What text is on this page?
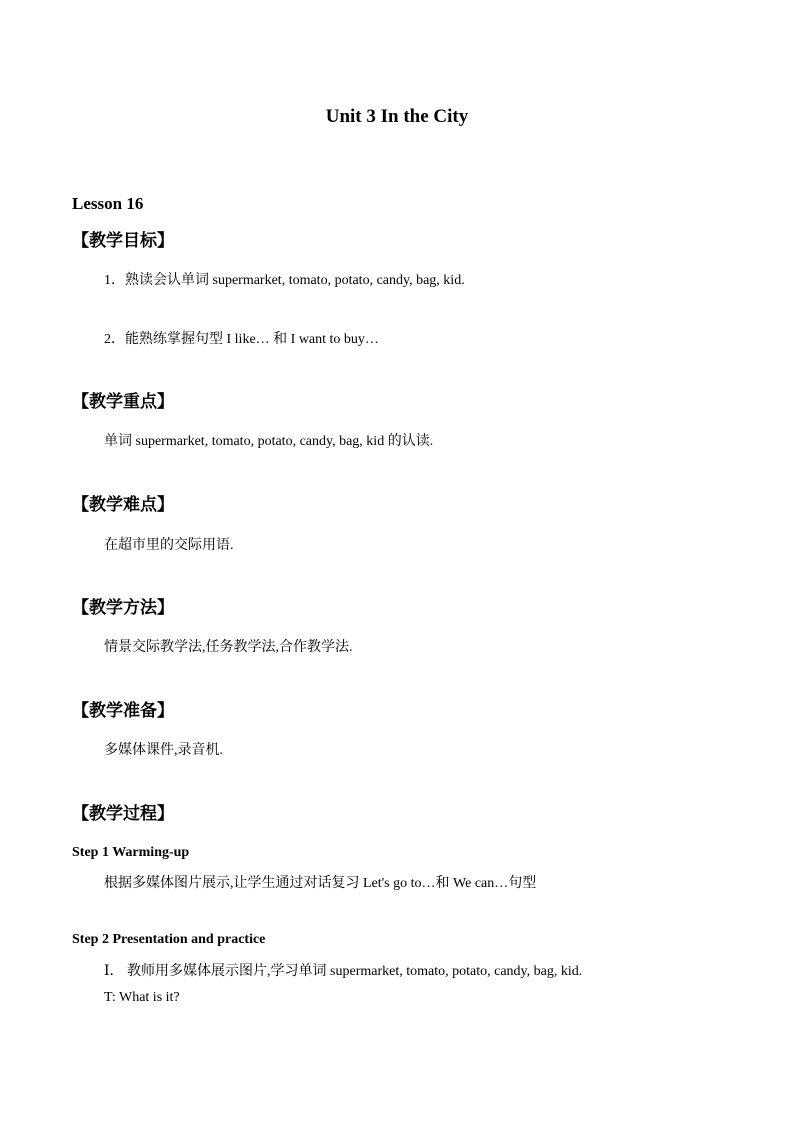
Unit 3 In the City
Lesson 16
【教学目标】
1．熟读会认单词 supermarket, tomato, potato, candy, bag, kid.
2．能熟练掌握句型 I like… 和 I want to buy…
【教学重点】
单词 supermarket, tomato, potato, candy, bag, kid 的认读.
【教学难点】
在超市里的交际用语.
【教学方法】
情景交际教学法,任务教学法,合作教学法.
【教学准备】
多媒体课件,录音机.
【教学过程】
Step 1 Warming-up
根据多媒体图片展示,让学生通过对话复习 Let's go to…和 We can…句型
Step 2 Presentation and practice
Ⅰ． 教师用多媒体展示图片,学习单词 supermarket, tomato, potato, candy, bag, kid.
T: What is it?
